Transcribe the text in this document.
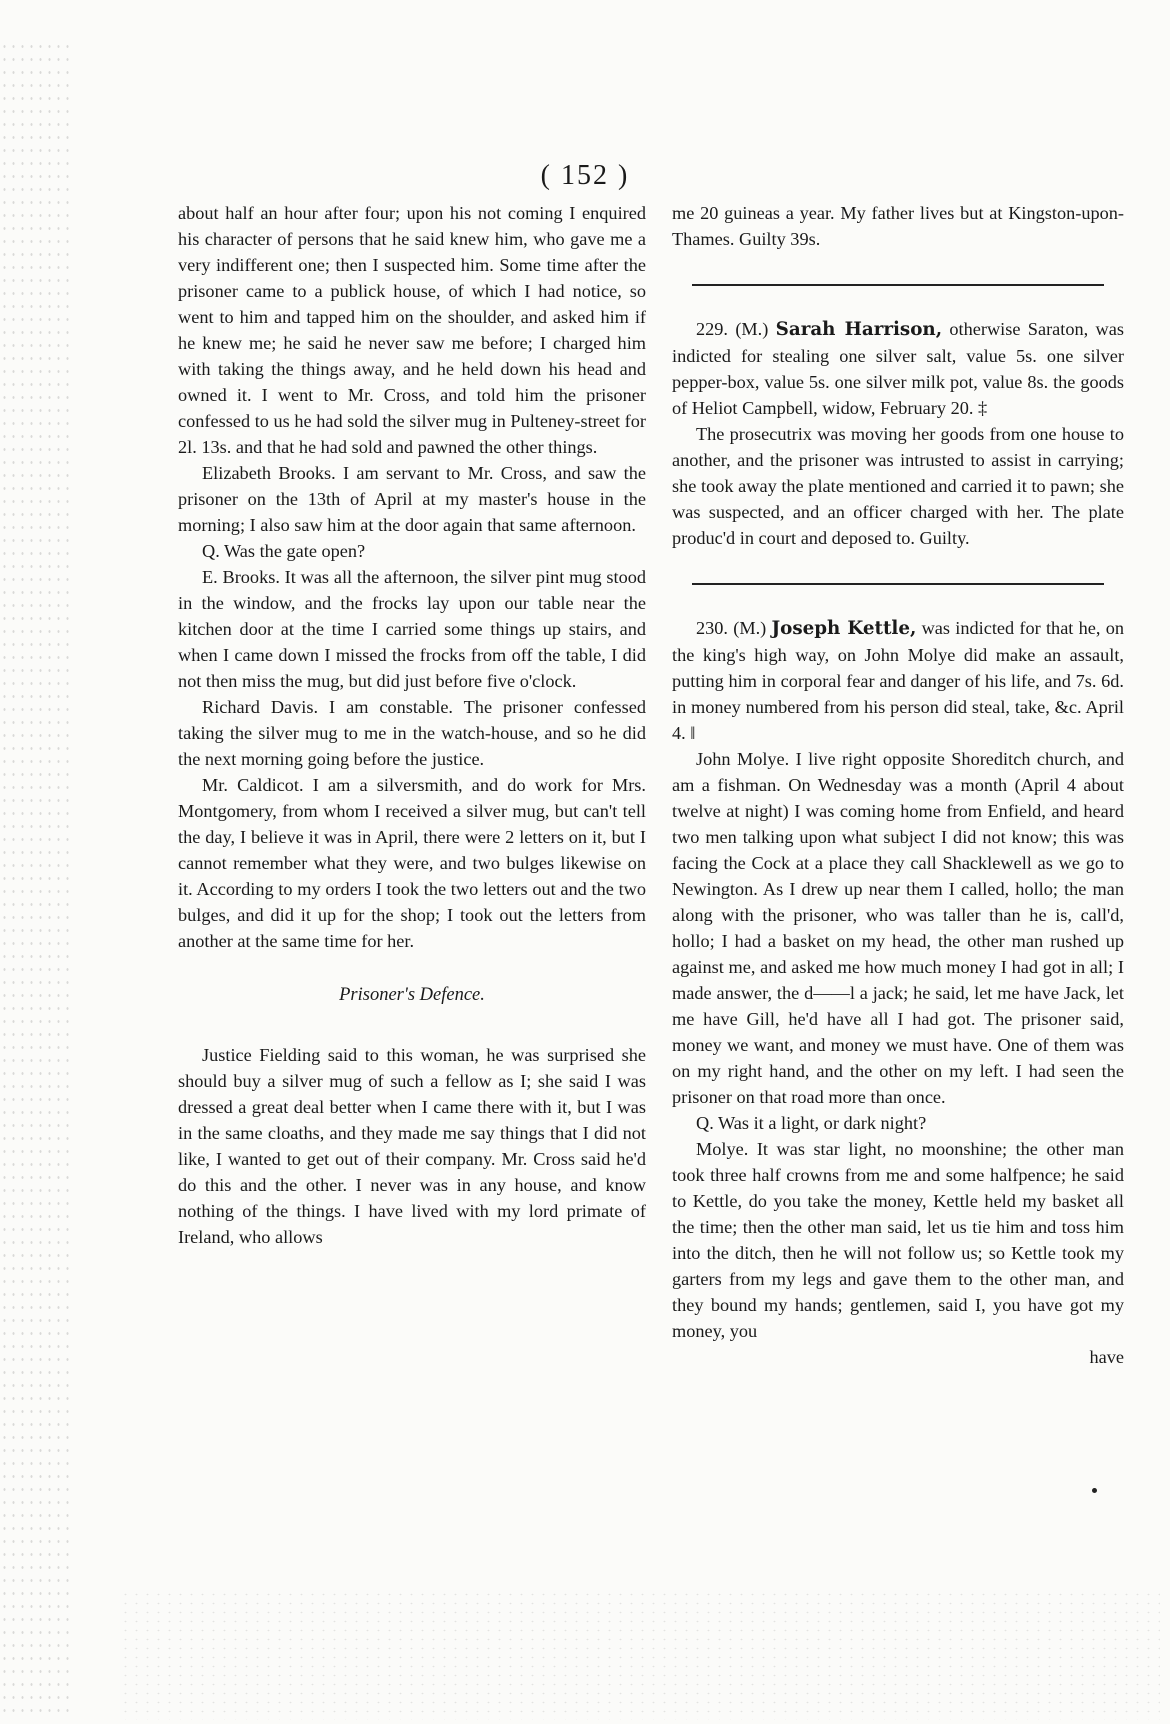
( 152 )

about half an hour after four; upon his not coming I enquired his character of persons that he said knew him, who gave me a very indifferent one; then I suspected him. Some time after the prisoner came to a publick house, of which I had notice, so went to him and tapped him on the shoulder, and asked him if he knew me; he said he never saw me before; I charged him with taking the things away, and he held down his head and owned it. I went to Mr. Cross, and told him the prisoner confessed to us he had sold the silver mug in Pulteney-street for 2l. 13s. and that he had sold and pawned the other things.

Elizabeth Brooks. I am servant to Mr. Cross, and saw the prisoner on the 13th of April at my master's house in the morning; I also saw him at the door again that same afternoon.

Q. Was the gate open?

E. Brooks. It was all the afternoon, the silver pint mug stood in the window, and the frocks lay upon our table near the kitchen door at the time I carried some things up stairs, and when I came down I missed the frocks from off the table, I did not then miss the mug, but did just before five o'clock.

Richard Davis. I am constable. The prisoner confessed taking the silver mug to me in the watch-house, and so he did the next morning going before the justice.

Mr. Caldicot. I am a silversmith, and do work for Mrs. Montgomery, from whom I received a silver mug, but can't tell the day, I believe it was in April, there were 2 letters on it, but I cannot remember what they were, and two bulges likewise on it. According to my orders I took the two letters out and the two bulges, and did it up for the shop; I took out the letters from another at the same time for her.

Prisoner's Defence.

Justice Fielding said to this woman, he was surprised she should buy a silver mug of such a fellow as I; she said I was dressed a great deal better when I came there with it, but I was in the same cloaths, and they made me say things that I did not like, I wanted to get out of their company. Mr. Cross said he'd do this and the other. I never was in any house, and know nothing of the things. I have lived with my lord primate of Ireland, who allows

me 20 guineas a year. My father lives but at Kingston-upon-Thames. Guilty 39s.

229. (M.) Sarah Harrison, otherwise Saraton, was indicted for stealing one silver salt, value 5s. one silver pepper-box, value 5s. one silver milk pot, value 8s. the goods of Heliot Campbell, widow, February 20. ‡

The prosecutrix was moving her goods from one house to another, and the prisoner was intrusted to assist in carrying; she took away the plate mentioned and carried it to pawn; she was suspected, and an officer charged with her. The plate produc'd in court and deposed to. Guilty.

230. (M.) Joseph Kettle, was indicted for that he, on the king's high way, on John Molye did make an assault, putting him in corporal fear and danger of his life, and 7s. 6d. in money numbered from his person did steal, take, &c. April 4. ‖

John Molye. I live right opposite Shoreditch church, and am a fishman. On Wednesday was a month (April 4 about twelve at night) I was coming home from Enfield, and heard two men talking upon what subject I did not know; this was facing the Cock at a place they call Shacklewell as we go to Newington. As I drew up near them I called, hollo; the man along with the prisoner, who was taller than he is, call'd, hollo; I had a basket on my head, the other man rushed up against me, and asked me how much money I had got in all; I made answer, the d——l a jack; he said, let me have Jack, let me have Gill, he'd have all I had got. The prisoner said, money we want, and money we must have. One of them was on my right hand, and the other on my left. I had seen the prisoner on that road more than once.

Q. Was it a light, or dark night?

Molye. It was star light, no moonshine; the other man took three half crowns from me and some halfpence; he said to Kettle, do you take the money, Kettle held my basket all the time; then the other man said, let us tie him and toss him into the ditch, then he will not follow us; so Kettle took my garters from my legs and gave them to the other man, and they bound my hands; gentlemen, said I, you have got my money, you

have
